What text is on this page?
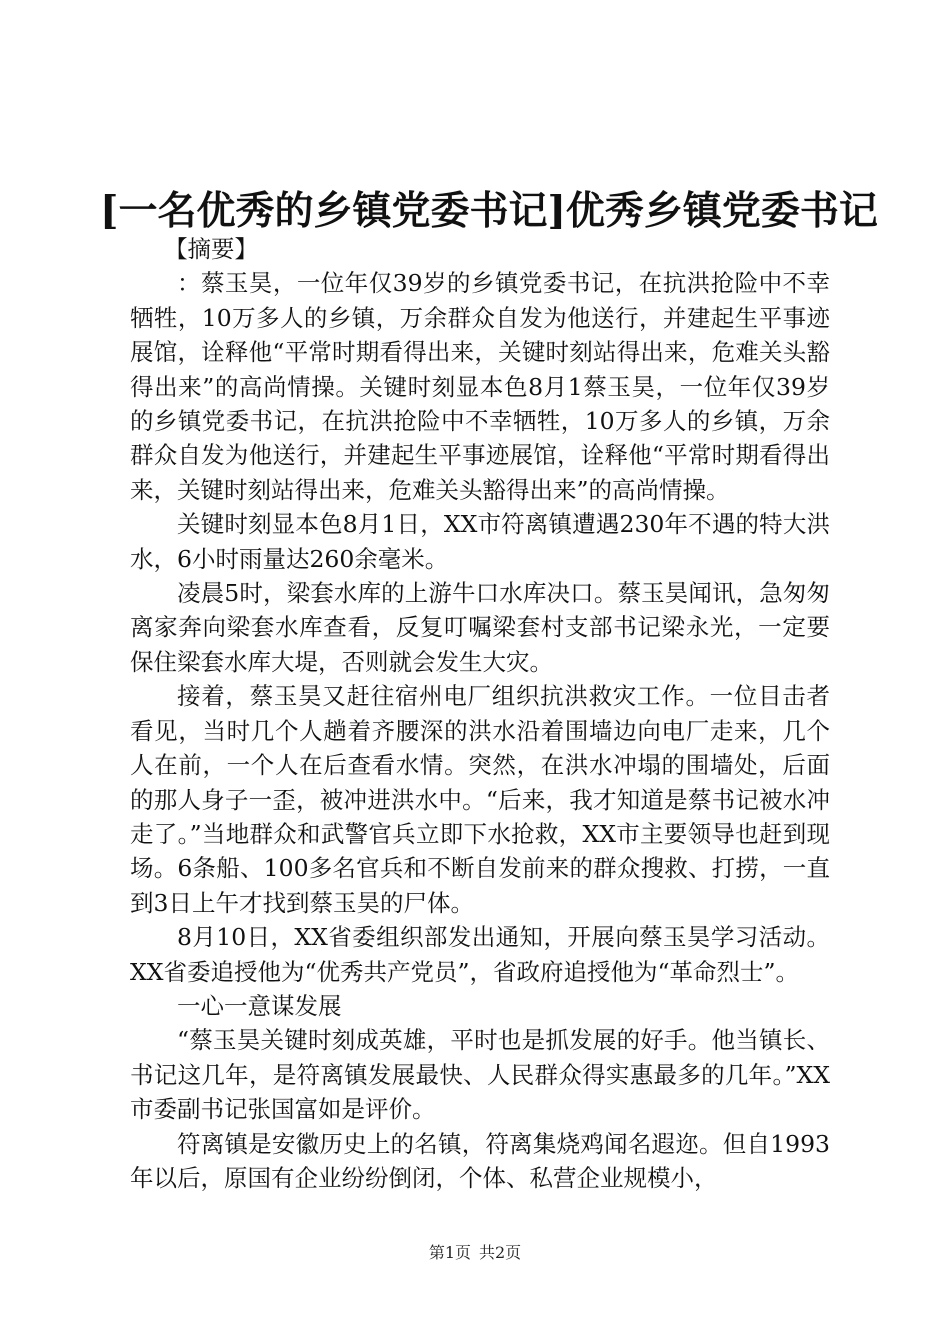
[一名优秀的乡镇党委书记]优秀乡镇党委书记

【摘要】

：蔡玉昊，一位年仅39岁的乡镇党委书记，在抗洪抢险中不幸牺牲，10万多人的乡镇，万余群众自发为他送行，并建起生平事迹展馆，诠释他“平常时期看得出来，关键时刻站得出来，危难关头豁得出来”的高尚情操。关键时刻显本色8月1蔡玉昊，一位年仅39岁的乡镇党委书记，在抗洪抢险中不幸牺牲，10万多人的乡镇，万余群众自发为他送行，并建起生平事迹展馆，诠释他“平常时期看得出来，关键时刻站得出来，危难关头豁得出来”的高尚情操。

关键时刻显本色8月1日，XX市符离镇遭遇230年不遇的特大洪水，6小时雨量达260余毫米。

凌晨5时，梁套水库的上游牛口水库决口。蔡玉昊闻讯，急匆匆离家奔向梁套水库查看，反复叮嘱梁套村支部书记梁永光，一定要保住梁套水库大堤，否则就会发生大灾。

接着，蔡玉昊又赶往宿州电厂组织抗洪救灾工作。一位目击者看见，当时几个人趟着齐腰深的洪水沿着围墙边向电厂走来，几个人在前，一个人在后查看水情。突然，在洪水冲塌的围墙处，后面的那人身子一歪，被冲进洪水中。“后来，我才知道是蔡书记被水冲走了。”当地群众和武警官兵立即下水抢救，XX市主要领导也赶到现场。6条船、100多名官兵和不断自发前来的群众搜救、打捞，一直到3日上午才找到蔡玉昊的尸体。

8月10日，XX省委组织部发出通知，开展向蔡玉昊学习活动。XX省委追授他为“优秀共产党员”，省政府追授他为“革命烈士”。

一心一意谋发展

“蔡玉昊关键时刻成英雄，平时也是抓发展的好手。他当镇长、书记这几年，是符离镇发展最快、人民群众得实惠最多的几年。”XX市委副书记张国富如是评价。

符离镇是安徽历史上的名镇，符离集烧鸡闻名遐迩。但自1993年以后，原国有企业纷纷倒闭，个体、私营企业规模小，

第1页 共2页
